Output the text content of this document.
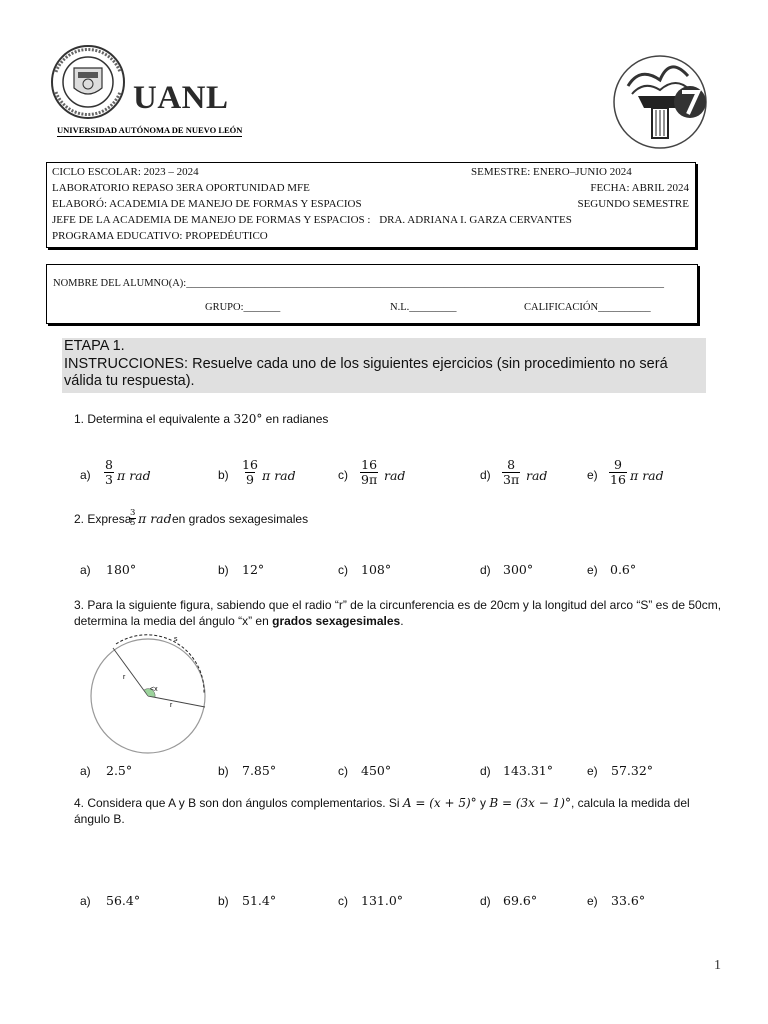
UANL
UNIVERSIDAD AUTÓNOMA DE NUEVO LEÓN
CICLO ESCOLAR: 2023 – 2024	SEMESTRE: ENERO–JUNIO 2024
LABORATORIO REPASO 3ERA OPORTUNIDAD MFE	FECHA: ABRIL 2024
ELABORÓ: ACADEMIA DE MANEJO DE FORMAS Y ESPACIOS	SEGUNDO SEMESTRE
JEFE DE LA ACADEMIA DE MANEJO DE FORMAS Y ESPACIOS : DRA. ADRIANA I. GARZA CERVANTES
PROGRAMA EDUCATIVO: PROPEDÉUTICO
NOMBRE DEL ALUMNO(A):___________________________________________________________________________________________
GRUPO:_______	N.L._________	CALIFICACIÓN__________
ETAPA 1.
INSTRUCCIONES: Resuelve cada uno de los siguientes ejercicios (sin procedimiento no será válida tu respuesta).
1. Determina el equivalente a 320° en radianes
$a) \frac{8}{3}$ π rad	$b) \frac{16}{9}$ π rad	$c) \frac{16}{9\pi}$ rad	$d) \frac{8}{3\pi}$ rad	$e) \frac{9}{16}$ π rad
2. Expresa
$\frac{3}{5}$ π rad en grados sexagesimales
a) 180°	b) 12°	c) 108°	d) 300°	e) 0.6°
3. Para la siguiente figura, sabiendo que el radio “r” de la circunferencia es de 20cm y la longitud del arco “S” es de 50cm,
determina la media del ángulo “x” en grados sexagesimales.
s
r
r
<x
a) 2.5°	b) 7.85°	c) 450°	d) 143.31°	e) 57.32°
4. Considera que A y B son don ángulos complementarios. Si A = (x + 5)° y B = (3x − 1)°, calcula la medida del
ángulo B.
a) 56.4°	b) 51.4°	c) 131.0°	d) 69.6°	e) 33.6°
1
